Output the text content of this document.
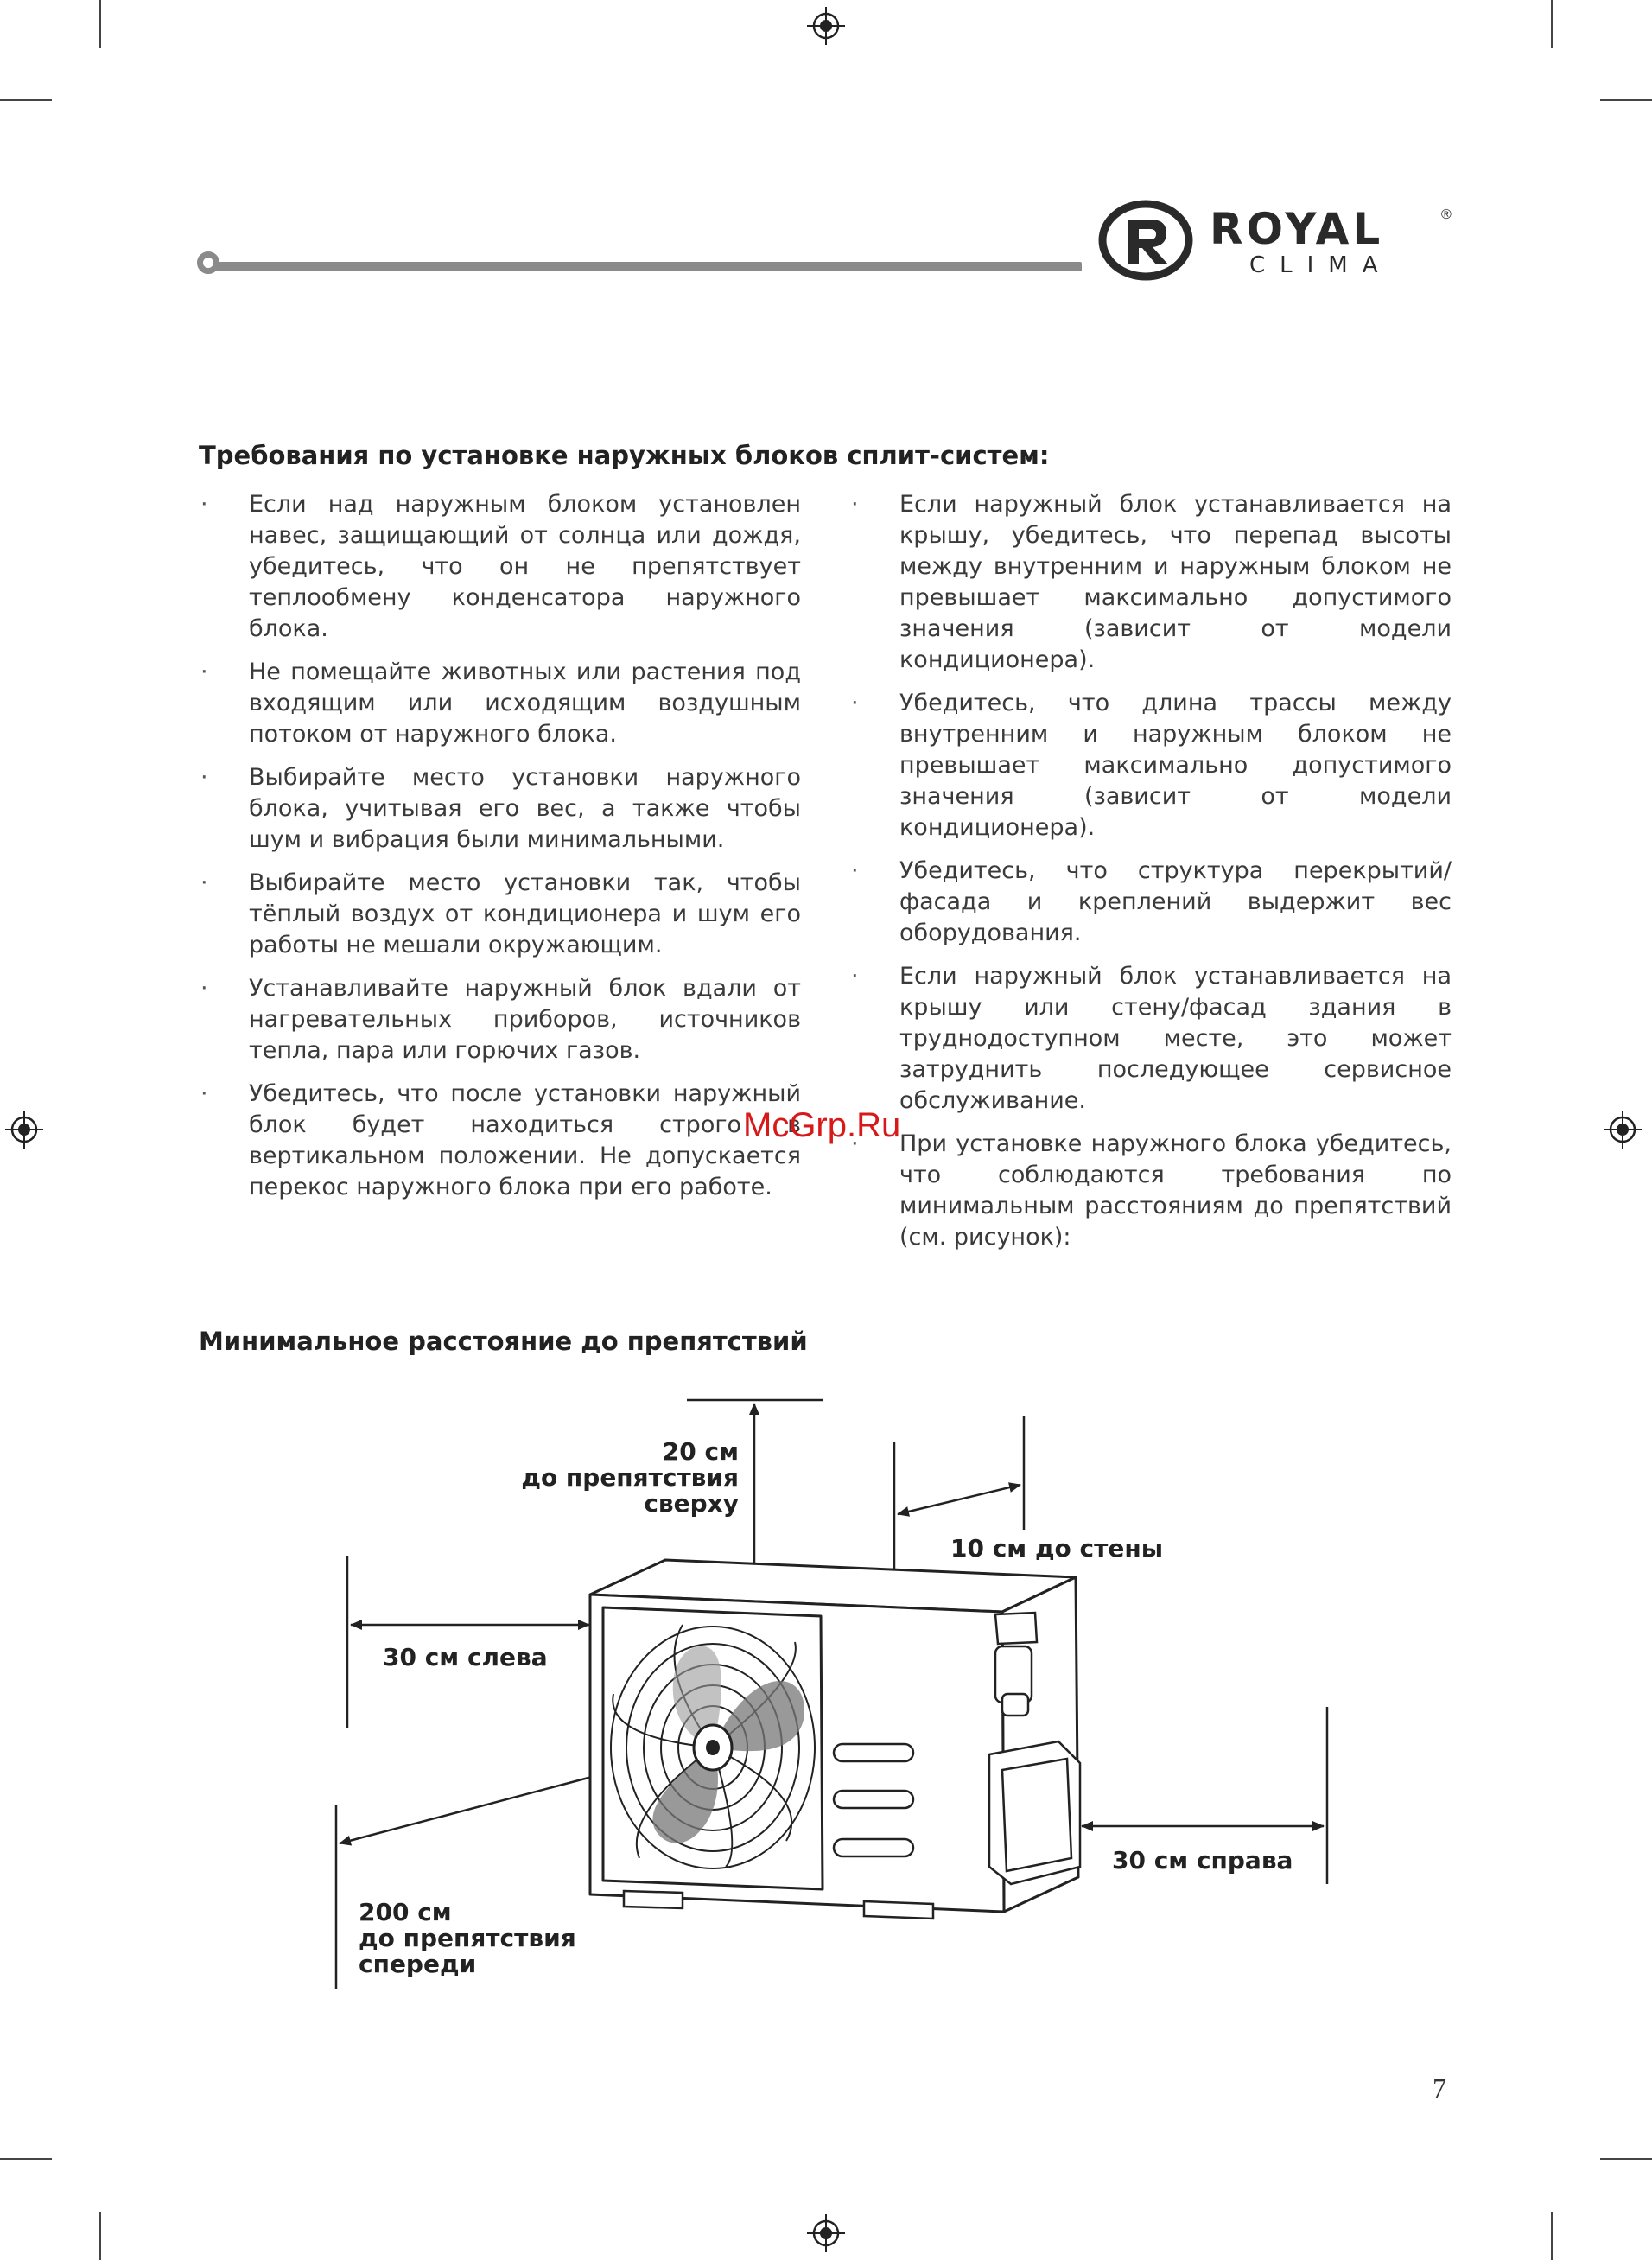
ROYAL	®
CLIMA
Требования по установке наружных блоков сплит-систем:
· Если над наружным блоком установлен навес, защищающий от солнца или дождя, убедитесь, что он не препятствует теплообмену конденсатора наружного блока.
· Не помещайте животных или растения под входящим или исходящим воздушным потоком от наружного блока.
· Выбирайте место установки наружного блока, учитывая его вес, а также чтобы шум и вибрация были минимальными.
· Выбирайте место установки так, чтобы тёплый воздух от кондиционера и шум его работы не мешали окружающим.
· Устанавливайте наружный блок вдали от нагревательных приборов, источников тепла, пара или горючих газов.
· Убедитесь, что после установки наружный блок будет находиться строго в вертикальном положении. Не допускается перекос наружного блока при его работе.
· Если наружный блок устанавливается на крышу, убедитесь, что перепад высоты между внутренним и наружным блоком не превышает максимально допустимого значения (зависит от модели кондиционера).
· Убедитесь, что длина трассы между внутренним и наружным блоком не превышает максимально допустимого значения (зависит от модели кондиционера).
· Убедитесь, что структура перекрытий/фасада и креплений выдержит вес оборудования.
· Если наружный блок устанавливается на крышу или стену/фасад здания в труднодоступном месте, это может затруднить последующее сервисное обслуживание.
· При установке наружного блока убедитесь, что соблюдаются требования по минимальным расстояниям до препятствий (см. рисунок):
McGrp.Ru
Минимальное расстояние до препятствий
20 см
до препятствия
сверху
10 см до стены
30 см слева
30 см справа
200 см
до препятствия
спереди
7
